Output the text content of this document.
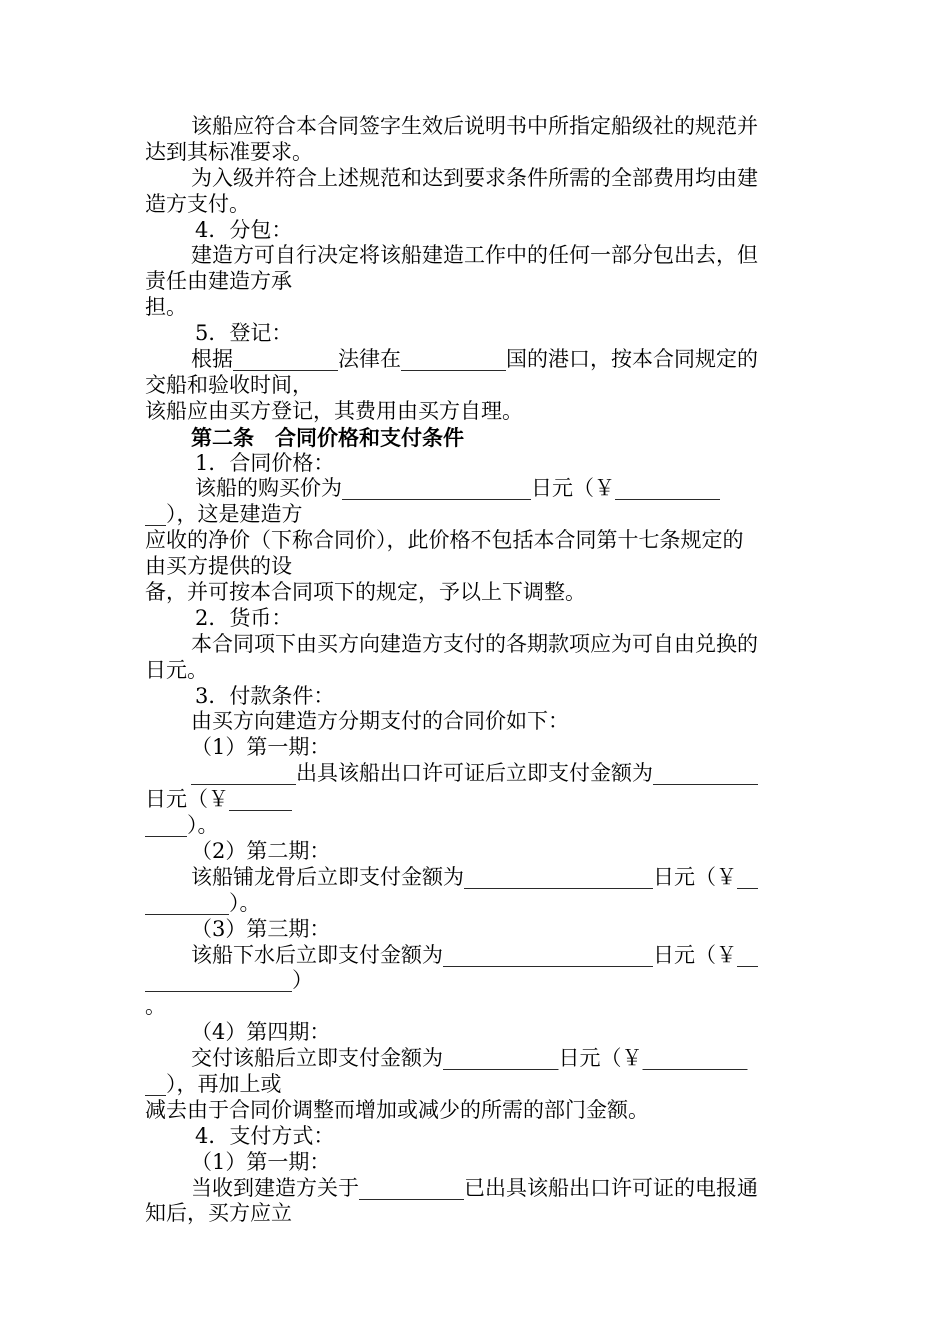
该船应符合本合同签字生效后说明书中所指定船级社的规范并
达到其标准要求。
为入级并符合上述规范和达到要求条件所需的全部费用均由建
造方支付。
4．分包：
建造方可自行决定将该船建造工作中的任何一部分包出去，但
责任由建造方承
担。
5．登记：
根据__________法律在__________国的港口，按本合同规定的
交船和验收时间，
该船应由买方登记，其费用由买方自理。
第二条　合同价格和支付条件
1．合同价格：
该船的购买价为__________________日元（￥__________
__），这是建造方
应收的净价（下称合同价），此价格不包括本合同第十七条规定的
由买方提供的设
备，并可按本合同项下的规定，予以上下调整。
2．货币：
本合同项下由买方向建造方支付的各期款项应为可自由兑换的
日元。
3．付款条件：
由买方向建造方分期支付的合同价如下：
（1）第一期：
__________出具该船出口许可证后立即支付金额为__________
日元（￥______
____）。
（2）第二期：
该船铺龙骨后立即支付金额为__________________日元（￥__
________）。
（3）第三期：
该船下水后立即支付金额为____________________日元（￥__
______________）
。
（4）第四期：
交付该船后立即支付金额为___________日元（￥__________
__），再加上或
减去由于合同价调整而增加或减少的所需的部门金额。
4．支付方式：
（1）第一期：
当收到建造方关于__________已出具该船出口许可证的电报通
知后，买方应立
